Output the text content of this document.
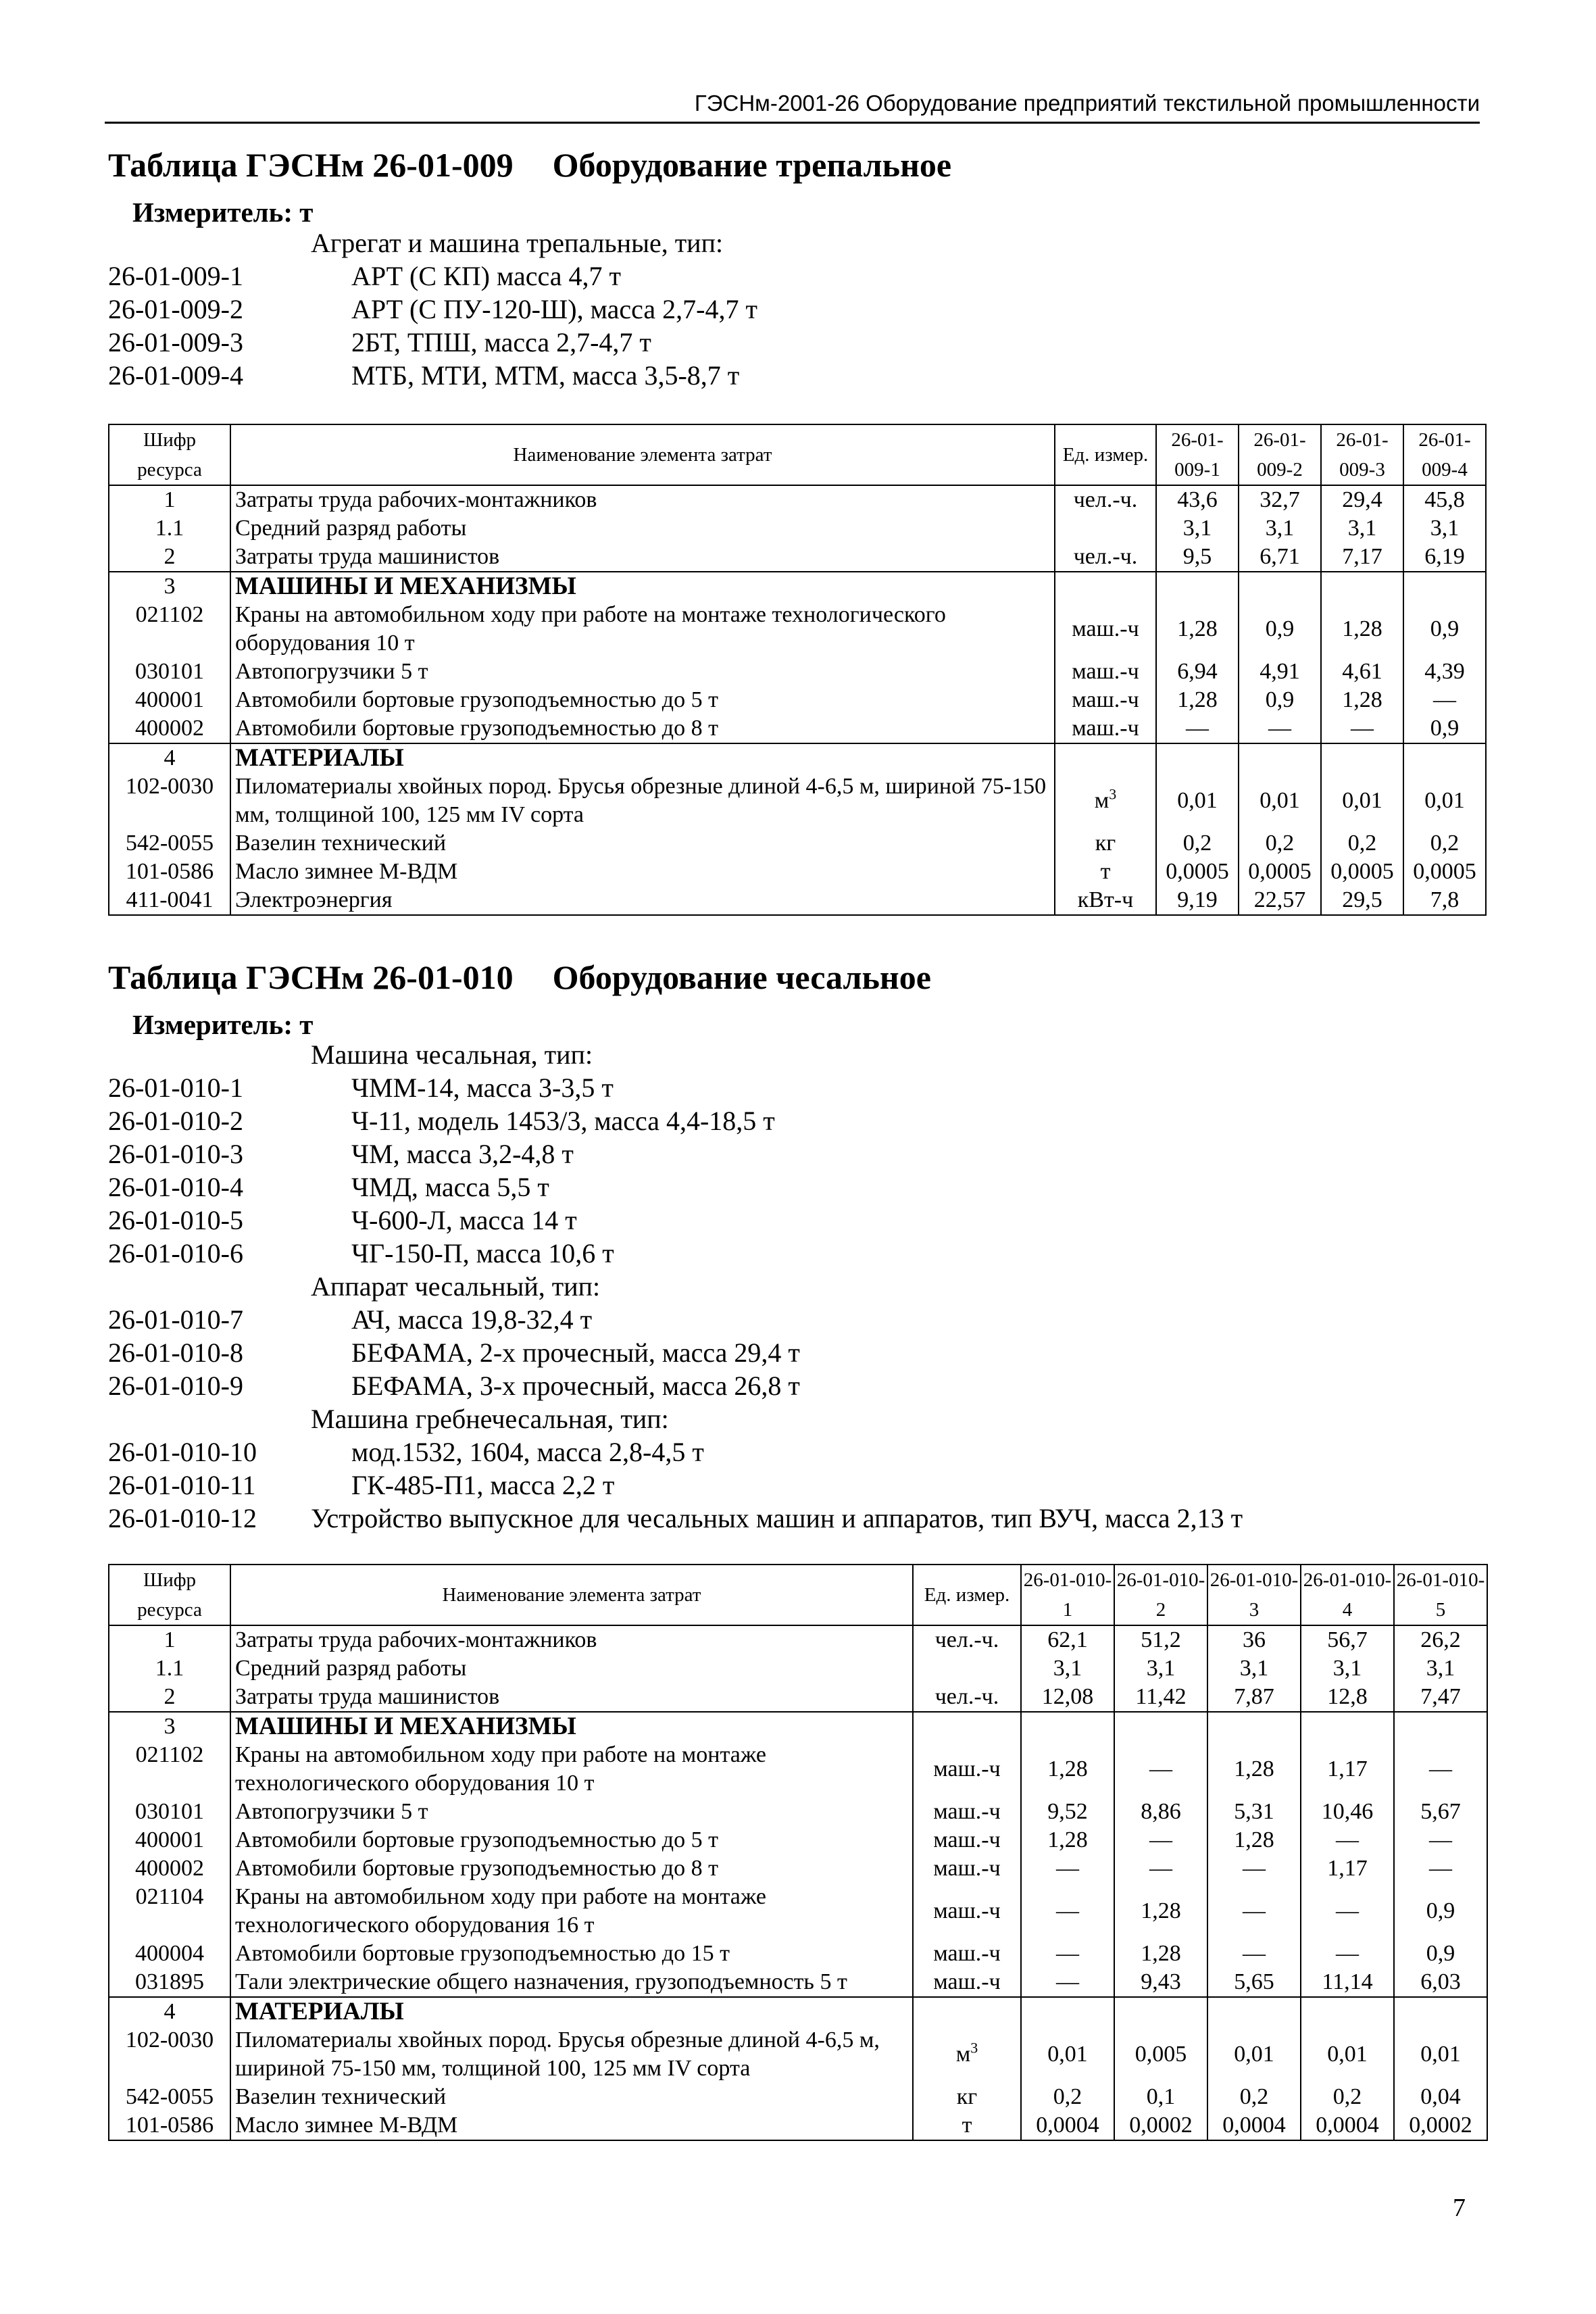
ГЭСНм-2001-26 Оборудование предприятий текстильной промышленности
Таблица ГЭСНм 26-01-009 Оборудование трепальное
Измеритель: т
Агрегат и машина трепальные, тип:
26-01-009-1	АРТ (С КП) масса 4,7 т
26-01-009-2	АРТ (С ПУ-120-Ш), масса 2,7-4,7 т
26-01-009-3	2БТ, ТПШ, масса 2,7-4,7 т
26-01-009-4	МТБ, МТИ, МТМ, масса 3,5-8,7 т
Шифр ресурса	Наименование элемента затрат	Ед. измер.	26-01-009-1	26-01-009-2	26-01-009-3	26-01-009-4
1	Затраты труда рабочих-монтажников	чел.-ч.	43,6	32,7	29,4	45,8
1.1	Средний разряд работы		3,1	3,1	3,1	3,1
2	Затраты труда машинистов	чел.-ч.	9,5	6,71	7,17	6,19
3	МАШИНЫ И МЕХАНИЗМЫ					
021102	Краны на автомобильном ходу при работе на монтаже технологического оборудования 10 т	маш.-ч	1,28	0,9	1,28	0,9
030101	Автопогрузчики 5 т	маш.-ч	6,94	4,91	4,61	4,39
400001	Автомобили бортовые грузоподъемностью до 5 т	маш.-ч	1,28	0,9	1,28	—
400002	Автомобили бортовые грузоподъемностью до 8 т	маш.-ч	—	—	—	0,9
4	МАТЕРИАЛЫ					
102-0030	Пиломатериалы хвойных пород. Брусья обрезные длиной 4-6,5 м, шириной 75-150 мм, толщиной 100, 125 мм IV сорта	$м^3$	0,01	0,01	0,01	0,01
542-0055	Вазелин технический	кг	0,2	0,2	0,2	0,2
101-0586	Масло зимнее М-ВДМ	т	0,0005	0,0005	0,0005	0,0005
411-0041	Электроэнергия	кВт-ч	9,19	22,57	29,5	7,8
Таблица ГЭСНм 26-01-010 Оборудование чесальное
Измеритель: т
Машина чесальная, тип:
26-01-010-1	ЧММ-14, масса 3-3,5 т
26-01-010-2	Ч-11, модель 1453/3, масса 4,4-18,5 т
26-01-010-3	ЧМ, масса 3,2-4,8 т
26-01-010-4	ЧМД, масса 5,5 т
26-01-010-5	Ч-600-Л, масса 14 т
26-01-010-6	ЧГ-150-П, масса 10,6 т
Аппарат чесальный, тип:
26-01-010-7	АЧ, масса 19,8-32,4 т
26-01-010-8	БЕФАМА, 2-х прочесный, масса 29,4 т
26-01-010-9	БЕФАМА, 3-х прочесный, масса 26,8 т
Машина гребнечесальная, тип:
26-01-010-10	мод.1532, 1604, масса 2,8-4,5 т
26-01-010-11	ГК-485-П1, масса 2,2 т
26-01-010-12 Устройство выпускное для чесальных машин и аппаратов, тип ВУЧ, масса 2,13 т
Шифр ресурса	Наименование элемента затрат	Ед. измер.	26-01-010-1	26-01-010-2	26-01-010-3	26-01-010-4	26-01-010-5
1	Затраты труда рабочих-монтажников	чел.-ч.	62,1	51,2	36	56,7	26,2
1.1	Средний разряд работы		3,1	3,1	3,1	3,1	3,1
2	Затраты труда машинистов	чел.-ч.	12,08	11,42	7,87	12,8	7,47
3	МАШИНЫ И МЕХАНИЗМЫ						
021102	Краны на автомобильном ходу при работе на монтаже технологического оборудования 10 т	маш.-ч	1,28	—	1,28	1,17	—
030101	Автопогрузчики 5 т	маш.-ч	9,52	8,86	5,31	10,46	5,67
400001	Автомобили бортовые грузоподъемностью до 5 т	маш.-ч	1,28	—	1,28	—	—
400002	Автомобили бортовые грузоподъемностью до 8 т	маш.-ч	—	—	—	1,17	—
021104	Краны на автомобильном ходу при работе на монтаже технологического оборудования 16 т	маш.-ч	—	1,28	—	—	0,9
400004	Автомобили бортовые грузоподъемностью до 15 т	маш.-ч	—	1,28	—	—	0,9
031895	Тали электрические общего назначения, грузоподъемность 5 т	маш.-ч	—	9,43	5,65	11,14	6,03
4	МАТЕРИАЛЫ						
102-0030	Пиломатериалы хвойных пород. Брусья обрезные длиной 4-6,5 м, шириной 75-150 мм, толщиной 100, 125 мм IV сорта	$м^3$	0,01	0,005	0,01	0,01	0,01
542-0055	Вазелин технический	кг	0,2	0,1	0,2	0,2	0,04
101-0586	Масло зимнее М-ВДМ	т	0,0004	0,0002	0,0004	0,0004	0,0002
7
